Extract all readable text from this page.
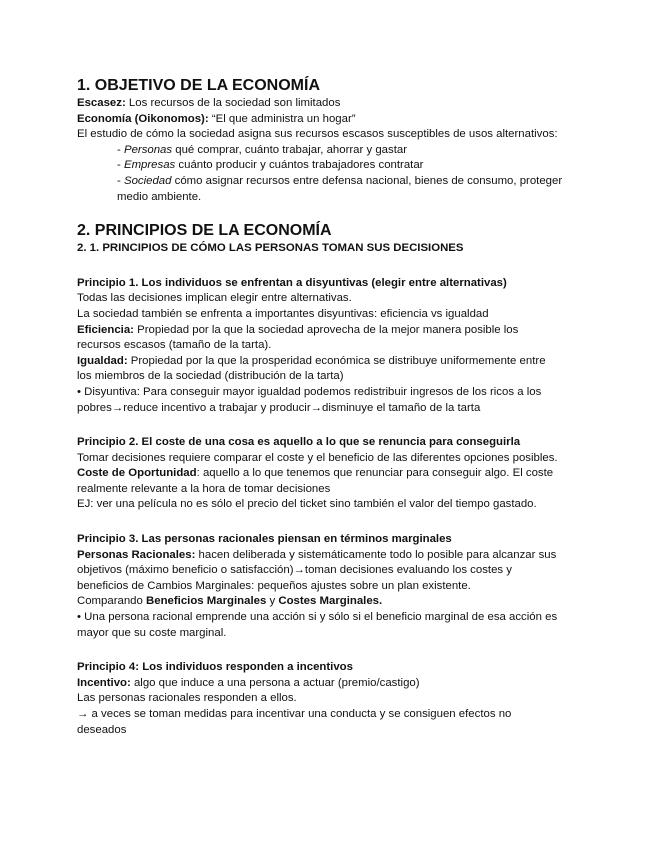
1. OBJETIVO DE LA ECONOMÍA

Escasez: Los recursos de la sociedad son limitados

Economía (Oikonomos): “El que administra un hogar”

El estudio de cómo la sociedad asigna sus recursos escasos susceptibles de usos alternativos:

- Personas qué comprar, cuánto trabajar, ahorrar y gastar

- Empresas cuánto producir y cuántos trabajadores contratar

- Sociedad cómo asignar recursos entre defensa nacional, bienes de consumo, proteger

medio ambiente.

2. PRINCIPIOS DE LA ECONOMÍA

2. 1. PRINCIPIOS DE CÓMO LAS PERSONAS TOMAN SUS DECISIONES

Principio 1. Los individuos se enfrentan a disyuntivas (elegir entre alternativas)

Todas las decisiones implican elegir entre alternativas.

La sociedad también se enfrenta a importantes disyuntivas: eficiencia vs igualdad

Eficiencia: Propiedad por la que la sociedad aprovecha de la mejor manera posible los

recursos escasos (tamaño de la tarta).

Igualdad: Propiedad por la que la prosperidad económica se distribuye uniformemente entre

los miembros de la sociedad (distribución de la tarta)

• Disyuntiva: Para conseguir mayor igualdad podemos redistribuir ingresos de los ricos a los

pobres→reduce incentivo a trabajar y producir→disminuye el tamaño de la tarta

Principio 2. El coste de una cosa es aquello a lo que se renuncia para conseguirla

Tomar decisiones requiere comparar el coste y el beneficio de las diferentes opciones posibles.

Coste de Oportunidad: aquello a lo que tenemos que renunciar para conseguir algo. El coste

realmente relevante a la hora de tomar decisiones

EJ: ver una película no es sólo el precio del ticket sino también el valor del tiempo gastado.

Principio 3. Las personas racionales piensan en términos marginales

Personas Racionales: hacen deliberada y sistemáticamente todo lo posible para alcanzar sus

objetivos (máximo beneficio o satisfacción)→toman decisiones evaluando los costes y

beneficios de Cambios Marginales: pequeños ajustes sobre un plan existente.

Comparando Beneficios Marginales y Costes Marginales.

• Una persona racional emprende una acción si y sólo si el beneficio marginal de esa acción es

mayor que su coste marginal.

Principio 4: Los individuos responden a incentivos

Incentivo: algo que induce a una persona a actuar (premio/castigo)

Las personas racionales responden a ellos.

→ a veces se toman medidas para incentivar una conducta y se consiguen efectos no

deseados
